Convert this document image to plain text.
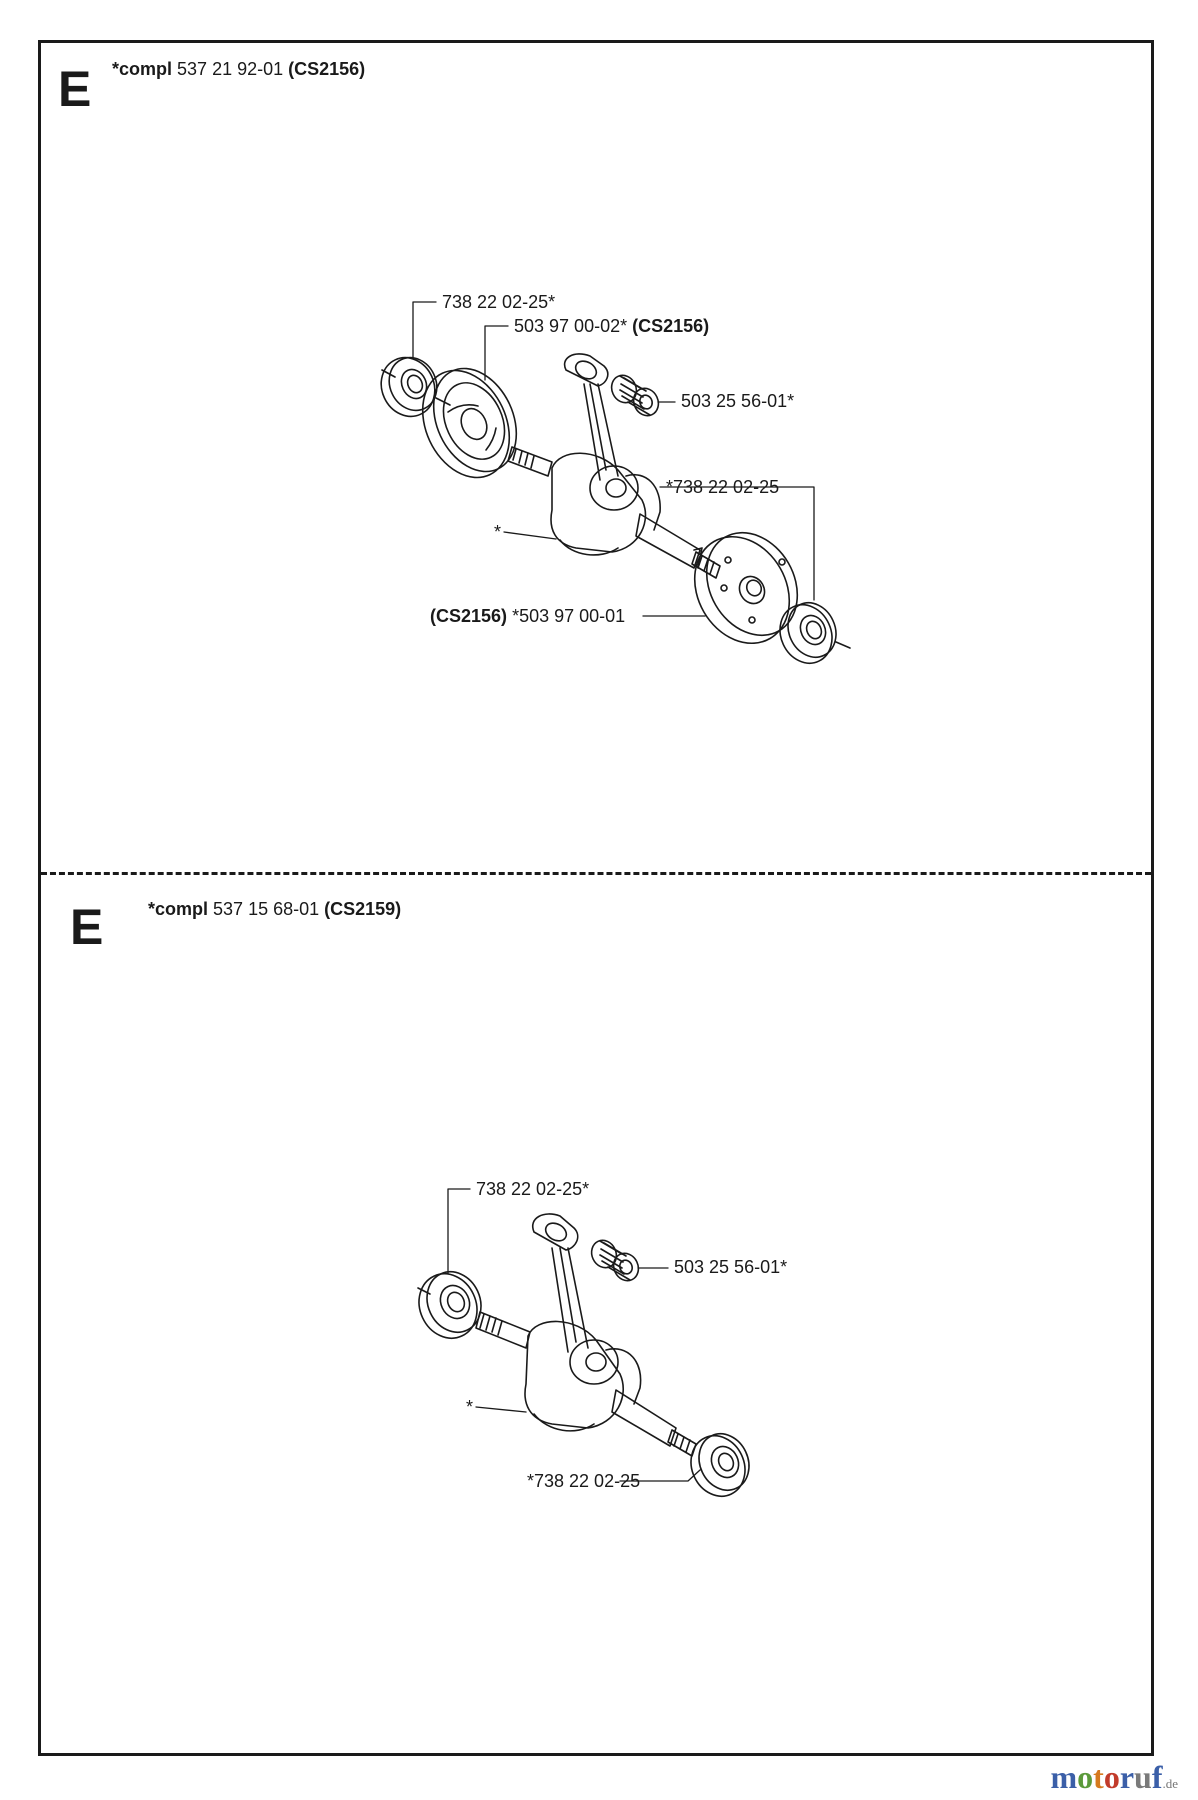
E *compl 537 21 92-01 (CS2156)
738 22 02-25*
503 97 00-02* (CS2156)
503 25 56-01*
*738 22 02-25
*
(CS2156) *503 97 00-01
E *compl 537 15 68-01 (CS2159)
738 22 02-25*
503 25 56-01*
*
*738 22 02-25
motoruf.de
